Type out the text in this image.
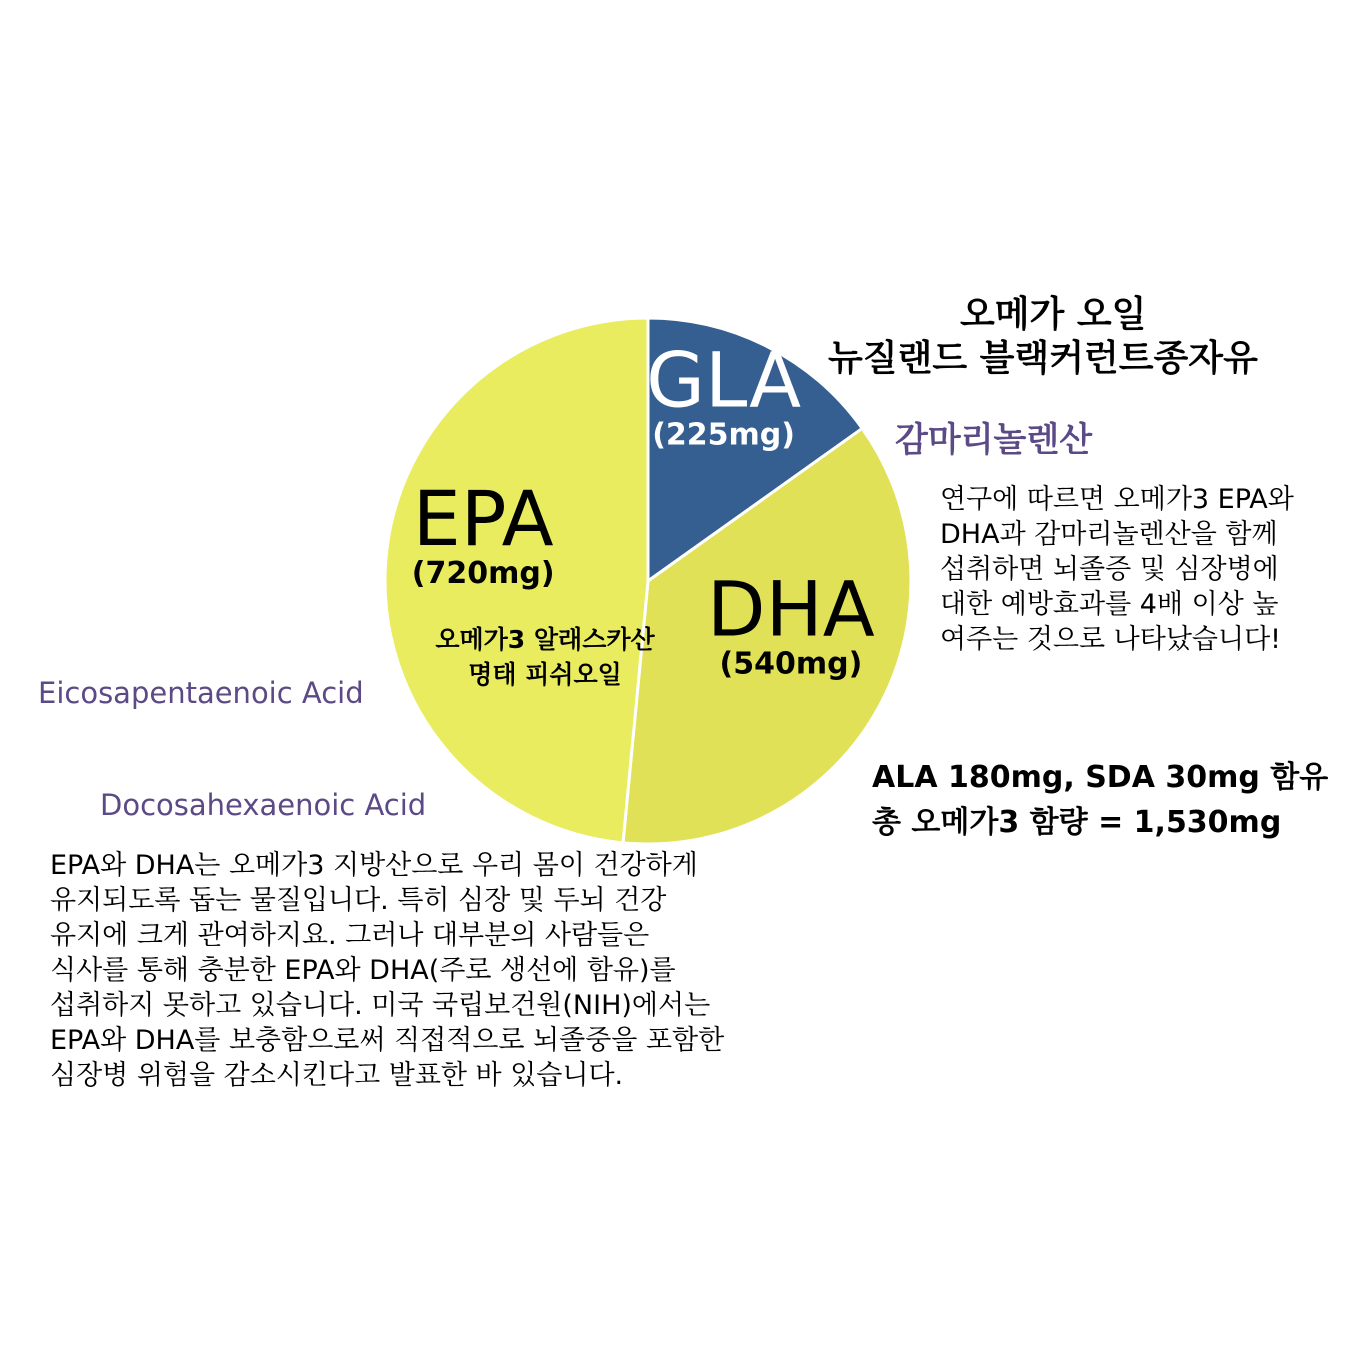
GLA
(225mg)
DHA
(540mg)
EPA
(720mg)
오메가3 알래스카산
명태 피쉬오일
오메가 오일
뉴질랜드 블랙커런트종자유
감마리놀렌산

연구에 따르면 오메가3 EPA와

DHA과 감마리놀렌산을 함께

섭취하면 뇌졸증 및 심장병에

대한 예방효과를 4배 이상 높

여주는 것으로 나타났습니다!

Eicosapentaenoic Acid
Docosahexaenoic Acid
ALA 180mg, SDA 30mg 함유
총 오메가3 함량 = 1,530mg

EPA와 DHA는 오메가3 지방산으로 우리 몸이 건강하게

유지되도록 돕는 물질입니다. 특히 심장 및 두뇌 건강

유지에 크게 관여하지요. 그러나 대부분의 사람들은

식사를 통해 충분한 EPA와 DHA(주로 생선에 함유)를

섭취하지 못하고 있습니다. 미국 국립보건원(NIH)에서는

EPA와 DHA를 보충함으로써 직접적으로 뇌졸중을 포함한

심장병 위험을 감소시킨다고 발표한 바 있습니다.
